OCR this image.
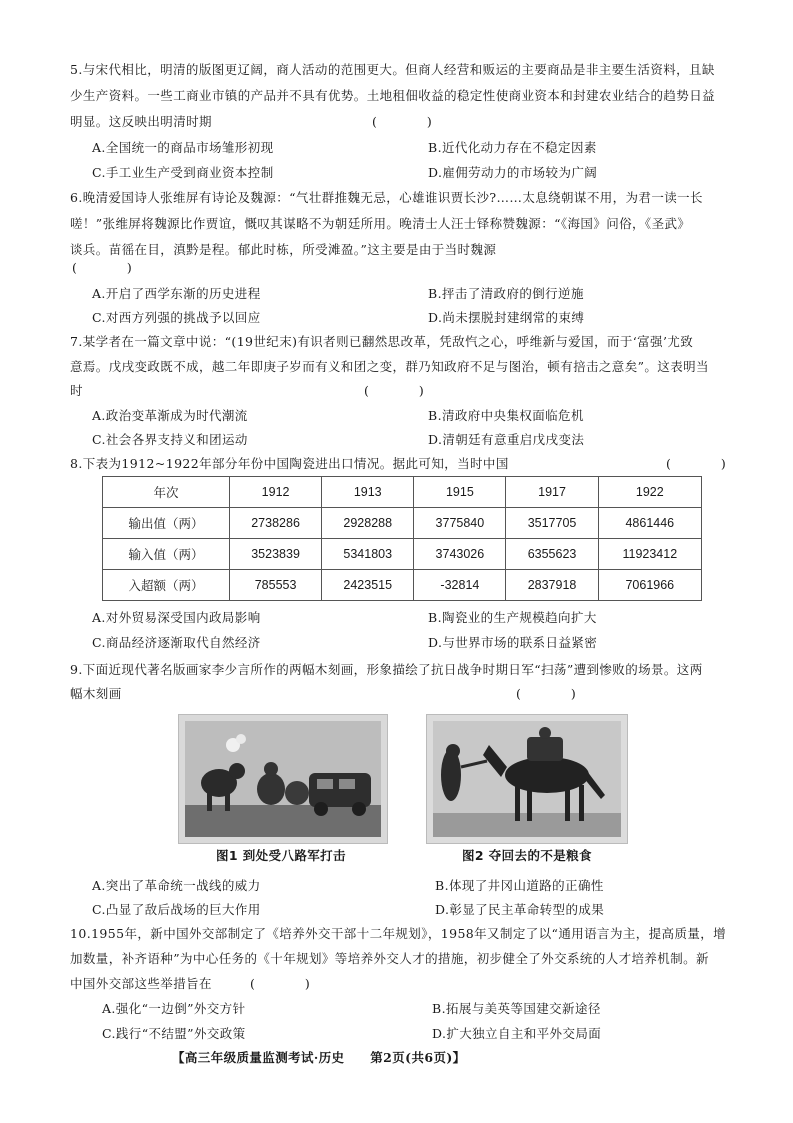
5.与宋代相比，明清的版图更辽阔，商人活动的范围更大。但商人经营和贩运的主要商品是非主要生活资料，且缺
少生产资料。一些工商业市镇的产品并不具有优势。土地租佃收益的稳定性使商业资本和封建农业结合的趋势日益
明显。这反映出明清时期	(　　　　)
A.全国统一的商品市场雏形初现	B.近代化动力存在不稳定因素
C.手工业生产受到商业资本控制	D.雇佣劳动力的市场较为广阔
6.晚清爱国诗人张维屏有诗论及魏源：“气壮群推魏无忌，心雄谁识贾长沙?……太息绕朝谋不用，为君一读一长
嗟！”张维屏将魏源比作贾谊，慨叹其谋略不为朝廷所用。晚清士人汪士铎称赞魏源：“《海国》问俗，《圣武》
谈兵。苗徭在目，滇黔是程。郁此时栋，所受滩盈。”这主要是由于当时魏源
(　　　　)
A.开启了西学东渐的历史进程	B.抨击了清政府的倒行逆施
C.对西方列强的挑战予以回应	D.尚未摆脱封建纲常的束缚
7.某学者在一篇文章中说：“(19世纪末)有识者则已翻然思改革，凭敌忾之心，呼维新与爱国，而于‘富强’尤致
意焉。戊戌变政既不成，越二年即庚子岁而有义和团之变，群乃知政府不足与图治，顿有掊击之意矣”。这表明当
时	(　　　　)
A.政治变革渐成为时代潮流	B.清政府中央集权面临危机
C.社会各界支持义和团运动	D.清朝廷有意重启戊戌变法
8.下表为1912~1922年部分年份中国陶瓷进出口情况。据此可知，当时中国	(　　　　)
年次	1912	1913	1915	1917	1922
输出值（两）	2738286	2928288	3775840	3517705	4861446
输入值（两）	3523839	5341803	3743026	6355623	11923412
入超额（两）	785553	2423515	-32814	2837918	7061966
A.对外贸易深受国内政局影响	B.陶瓷业的生产规模趋向扩大
C.商品经济逐渐取代自然经济	D.与世界市场的联系日益紧密
9.下面近现代著名版画家李少言所作的两幅木刻画，形象描绘了抗日战争时期日军“扫荡”遭到惨败的场景。这两
幅木刻画	(　　　　)
图1 到处受八路军打击	图2 夺回去的不是粮食
A.突出了革命统一战线的威力	B.体现了井冈山道路的正确性
C.凸显了敌后战场的巨大作用	D.彰显了民主革命转型的成果
10.1955年，新中国外交部制定了《培养外交干部十二年规划》，1958年又制定了以“通用语言为主，提高质量，增
加数量，补齐语种”为中心任务的《十年规划》等培养外交人才的措施，初步健全了外交系统的人才培养机制。新
中国外交部这些举措旨在	(　　　　)
A.强化“一边倒”外交方针	B.拓展与美英等国建交新途径
C.践行“不结盟”外交政策	D.扩大独立自主和平外交局面
【高三年级质量监测考试·历史　　第2页(共6页)】
